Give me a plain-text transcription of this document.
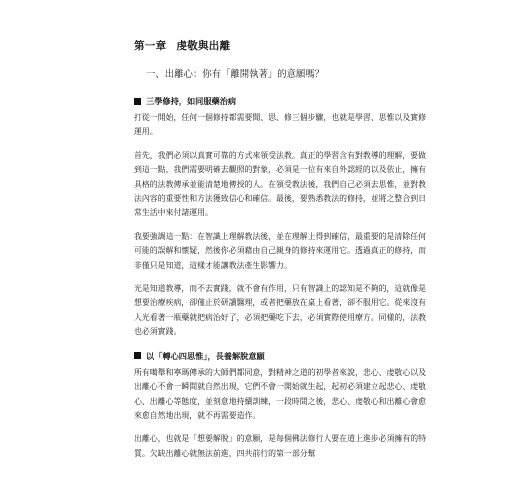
第一章 虔敬與出離
一、出離心：你有「離開執著」的意願嗎？
三學修持，如同服藥治病

打從一開始，任何一個修持都需要聞、思、修三個步驟，也就是學習、思惟以及實修運用。

首先，我們必須以真實可靠的方式來領受法教。真正的學習含有對教導的理解，要做到這一點，我們需要明確去觀照的對象，必須是一位有來自外認經的以及依止，擁有具格的法教傳承並能清楚地傳授的人。在領受教法後，我們自己必須去思惟，並對教法內容的重要性和方法獲致信心和確信。最後，要熟悉教法的修持，並將之整合到日常生活中來付諸運用。

我要強調這一點：在智識上理解教法後，並在理解上得到確信，最重要的是清除任何可能的誤解和懷疑，然後你必須藉由自己親身的修持來運用它。透過真正的修持，而非僅只是知道，這樣才能讓教法產生影響力。

光是知道教導，而不去實踐，就不會有作用，只有智識上的認知是不夠的，這就像是想要治療疾病，卻僅止於研讀醫理，或者把藥放在桌上看著，卻不服用它。從來沒有人光看著一瓶藥就把病治好了，必須把藥吃下去，必須實際使用療方。同樣的，法教也必須實踐。

以「轉心四思惟」，長養解脫意願

所有噶舉和寧瑪傳承的大師們都同意，對精神之道的初學者來說，悲心、虔敬心以及出離心不會一瞬間就自然出現，它們不會一開始就生起，起初必須建立起悲心、虔敬心、出離心等態度，並刻意地持續訓練，一段時間之後，悲心、虔敬心和出離心會愈來愈自然地出現，就不再需要造作。

出離心，也就是「想要解脫」的意願，是每個佛法修行人要在道上進步必須擁有的特質。欠缺出離心就無法前進，四共前行的第一部分幫
